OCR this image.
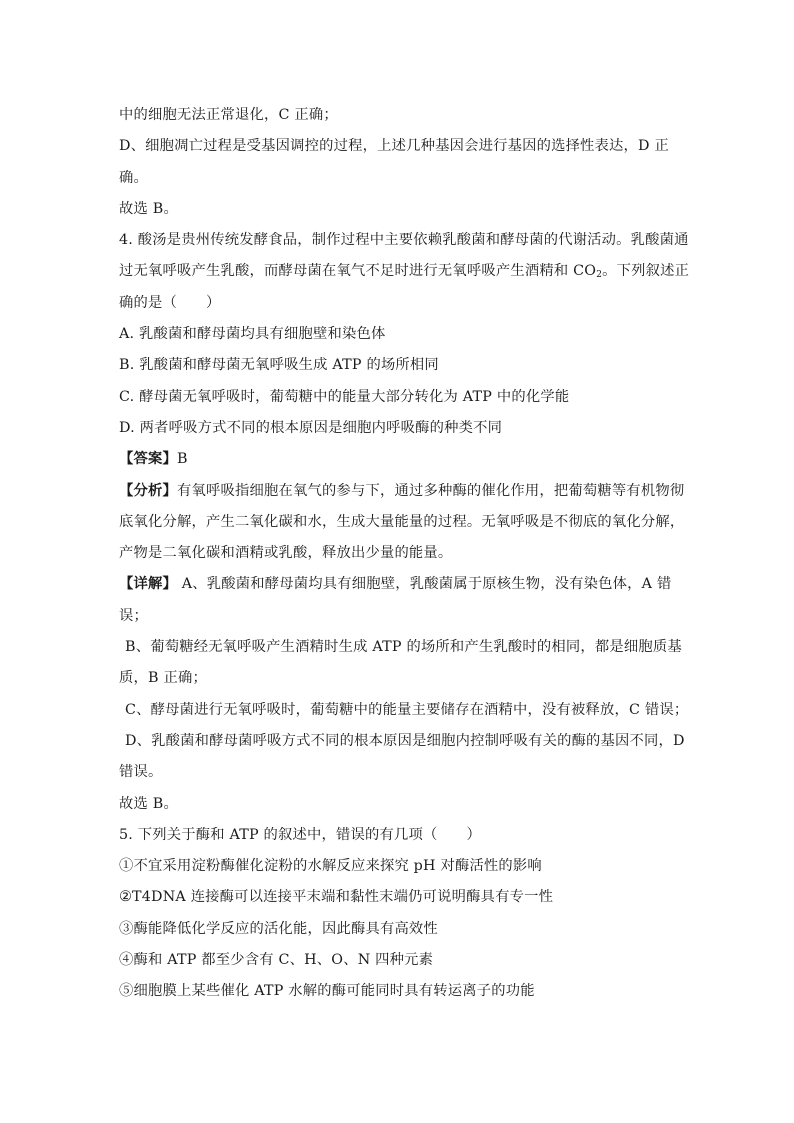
中的细胞无法正常退化，C 正确；
D、细胞凋亡过程是受基因调控的过程，上述几种基因会进行基因的选择性表达，D 正
确。
故选 B。
4. 酸汤是贵州传统发酵食品，制作过程中主要依赖乳酸菌和酵母菌的代谢活动。乳酸菌通
过无氧呼吸产生乳酸，而酵母菌在氧气不足时进行无氧呼吸产生酒精和 $CO_2$。下列叙述正
确的是（　　）
A. 乳酸菌和酵母菌均具有细胞壁和染色体
B. 乳酸菌和酵母菌无氧呼吸生成 ATP 的场所相同
C. 酵母菌无氧呼吸时，葡萄糖中的能量大部分转化为 ATP 中的化学能
D. 两者呼吸方式不同的根本原因是细胞内呼吸酶的种类不同
【答案】B
【分析】有氧呼吸指细胞在氧气的参与下，通过多种酶的催化作用，把葡萄糖等有机物彻
底氧化分解，产生二氧化碳和水，生成大量能量的过程。无氧呼吸是不彻底的氧化分解，
产物是二氧化碳和酒精或乳酸，释放出少量的能量。
【详解】 A、乳酸菌和酵母菌均具有细胞壁，乳酸菌属于原核生物，没有染色体，A 错
误；
B、葡萄糖经无氧呼吸产生酒精时生成 ATP 的场所和产生乳酸时的相同，都是细胞质基
质，B 正确；
C、酵母菌进行无氧呼吸时，葡萄糖中的能量主要储存在酒精中，没有被释放，C 错误；
D、乳酸菌和酵母菌呼吸方式不同的根本原因是细胞内控制呼吸有关的酶的基因不同，D
错误。
故选 B。
5. 下列关于酶和 ATP 的叙述中，错误的有几项（　　）
①不宜采用淀粉酶催化淀粉的水解反应来探究 pH 对酶活性的影响
②T4DNA 连接酶可以连接平末端和黏性末端仍可说明酶具有专一性
③酶能降低化学反应的活化能，因此酶具有高效性
④酶和 ATP 都至少含有 C、H、O、N 四种元素
⑤细胞膜上某些催化 ATP 水解的酶可能同时具有转运离子的功能
